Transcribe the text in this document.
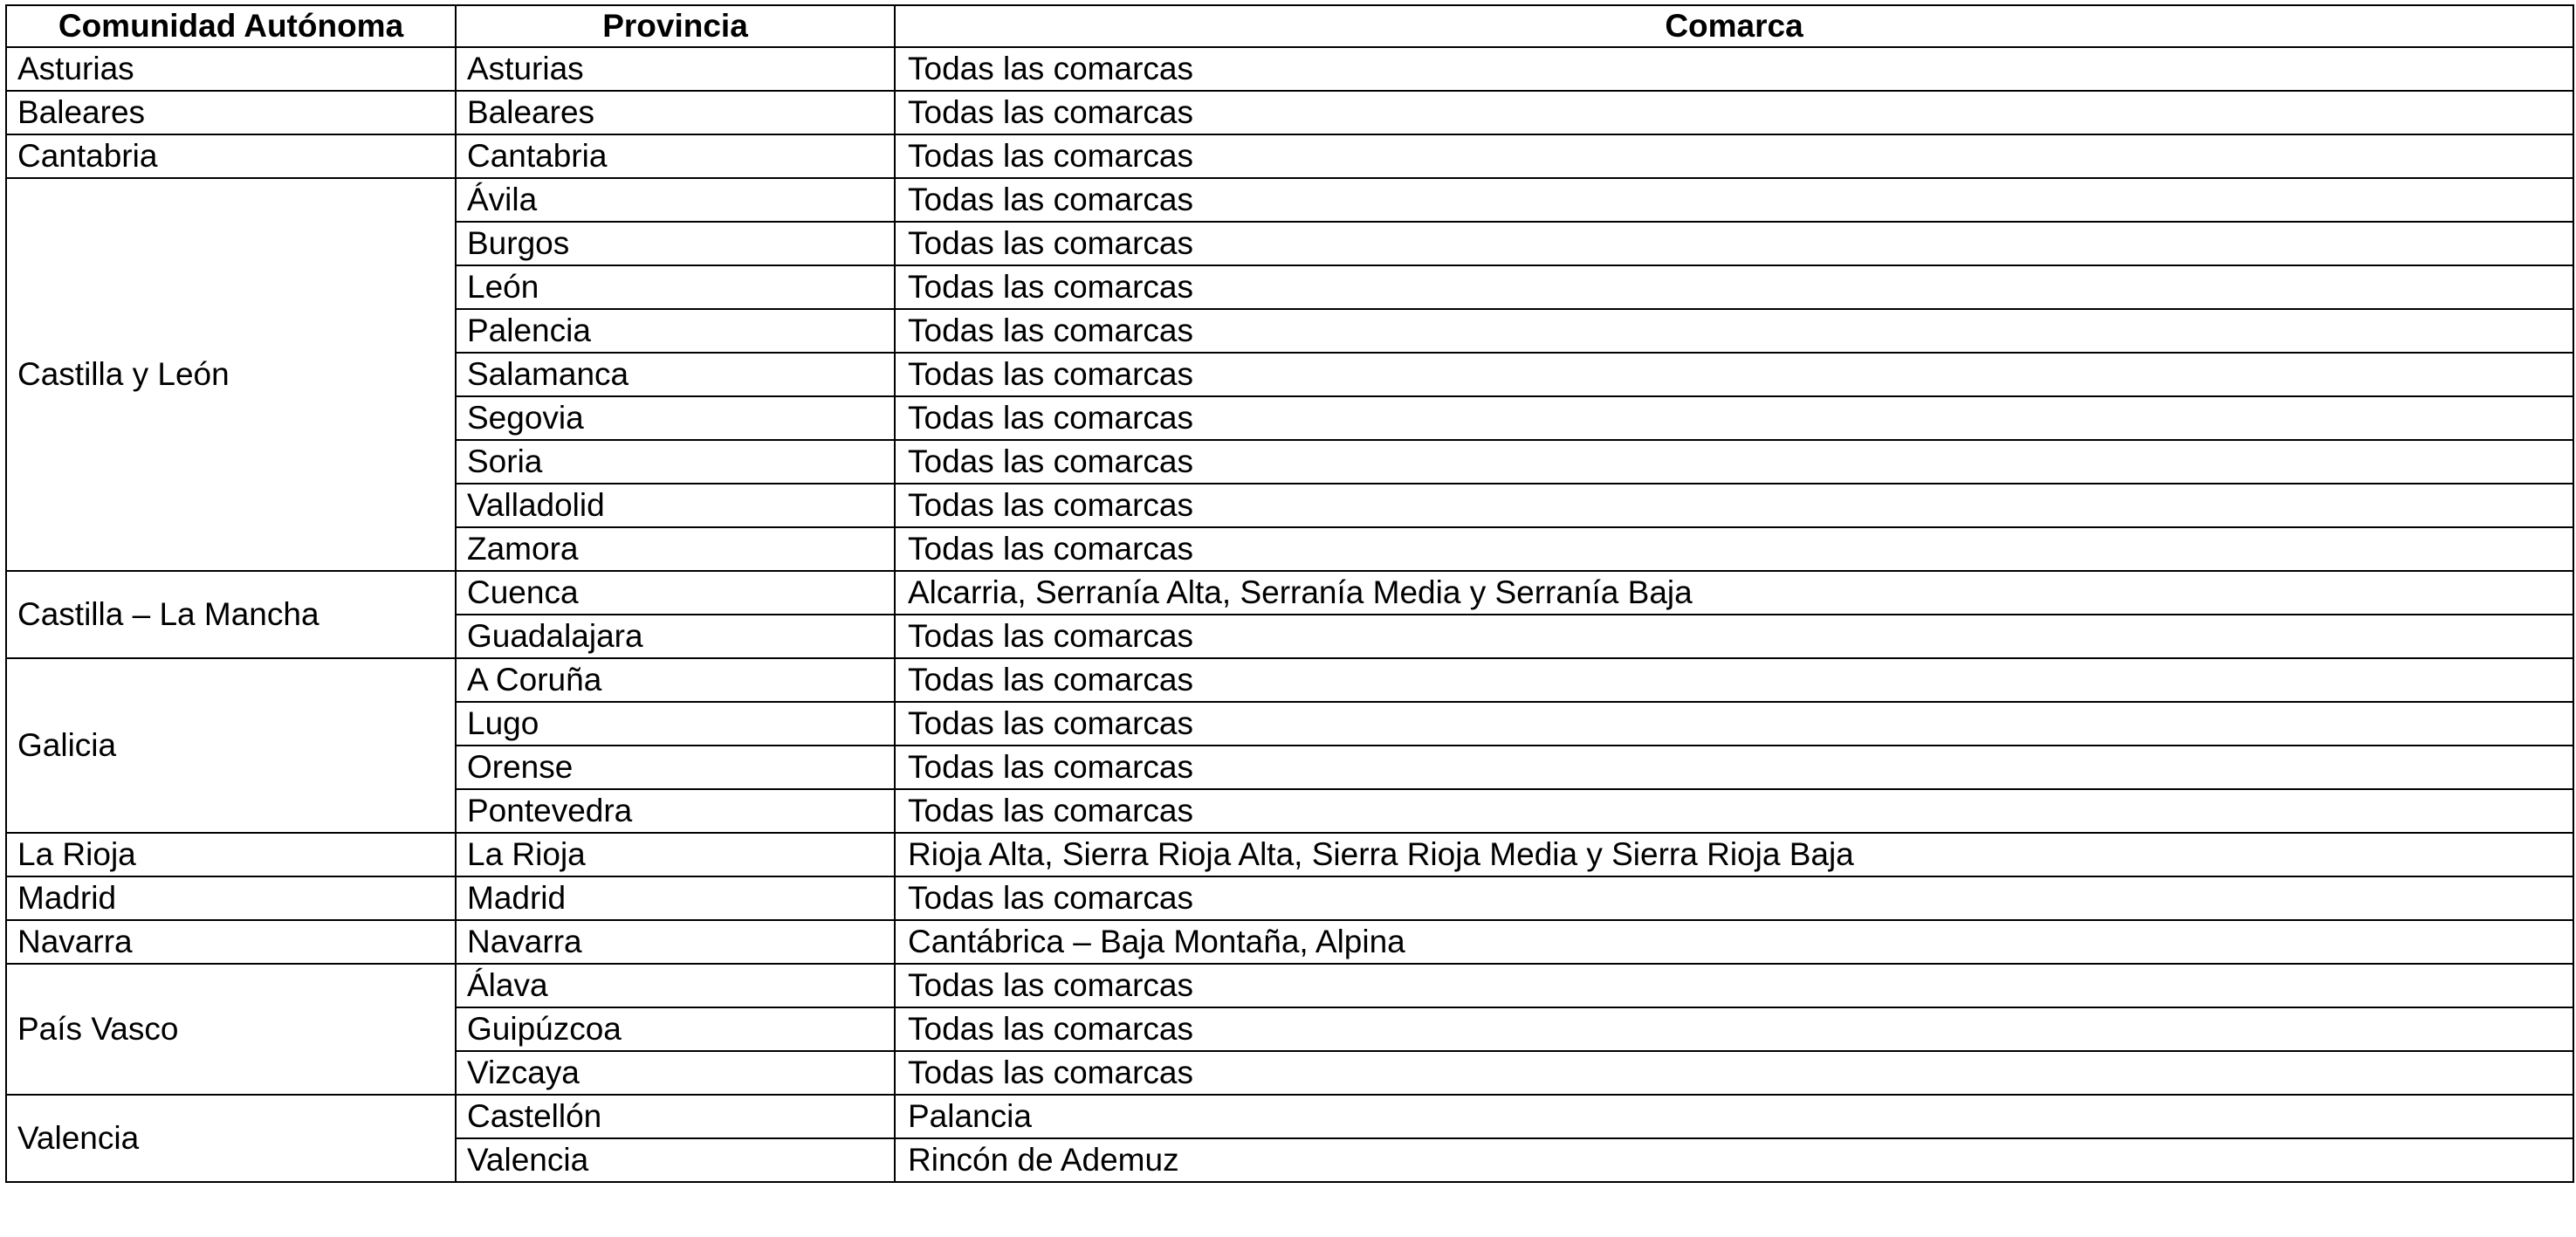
Comunidad Autónoma	Provincia	Comarca
Asturias	Asturias	Todas las comarcas
Baleares	Baleares	Todas las comarcas
Cantabria	Cantabria	Todas las comarcas
Castilla y León	Ávila	Todas las comarcas
	Burgos	Todas las comarcas
	León	Todas las comarcas
	Palencia	Todas las comarcas
	Salamanca	Todas las comarcas
	Segovia	Todas las comarcas
	Soria	Todas las comarcas
	Valladolid	Todas las comarcas
	Zamora	Todas las comarcas
Castilla – La Mancha	Cuenca	Alcarria, Serranía Alta, Serranía Media y Serranía Baja
	Guadalajara	Todas las comarcas
Galicia	A Coruña	Todas las comarcas
	Lugo	Todas las comarcas
	Orense	Todas las comarcas
	Pontevedra	Todas las comarcas
La Rioja	La Rioja	Rioja Alta, Sierra Rioja Alta, Sierra Rioja Media y Sierra Rioja Baja
Madrid	Madrid	Todas las comarcas
Navarra	Navarra	Cantábrica – Baja Montaña, Alpina
País Vasco	Álava	Todas las comarcas
	Guipúzcoa	Todas las comarcas
	Vizcaya	Todas las comarcas
Valencia	Castellón	Palancia
	Valencia	Rincón de Ademuz
